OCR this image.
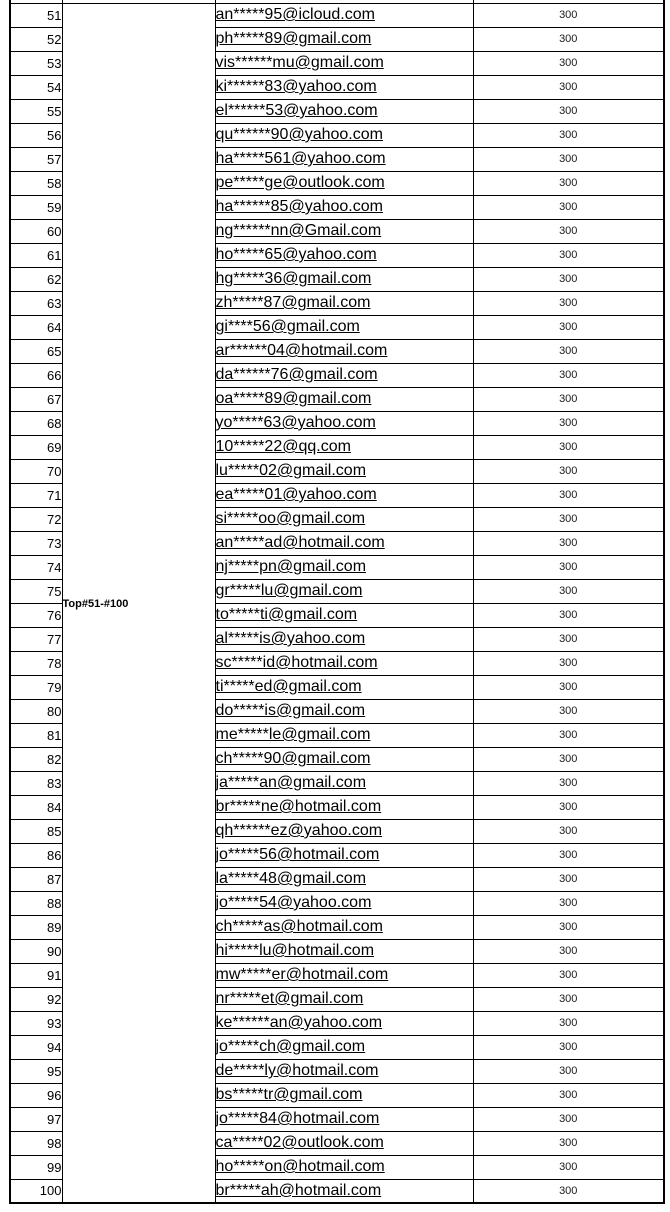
51	Top#51-#100	an*****95@icloud.com	300
52		ph*****89@gmail.com	300
53		vis******mu@gmail.com	300
54		ki******83@yahoo.com	300
55		el******53@yahoo.com	300
56		qu******90@yahoo.com	300
57		ha*****561@yahoo.com	300
58		pe*****ge@outlook.com	300
59		ha******85@yahoo.com	300
60		ng******nn@Gmail.com	300
61		ho*****65@yahoo.com	300
62		hg*****36@gmail.com	300
63		zh*****87@gmail.com	300
64		gi****56@gmail.com	300
65		ar******04@hotmail.com	300
66		da******76@gmail.com	300
67		oa*****89@gmail.com	300
68		yo*****63@yahoo.com	300
69		10*****22@qq.com	300
70		lu*****02@gmail.com	300
71		ea*****01@yahoo.com	300
72		si*****oo@gmail.com	300
73		an*****ad@hotmail.com	300
74		nj*****pn@gmail.com	300
75		gr*****lu@gmail.com	300
76		to*****ti@gmail.com	300
77		al*****is@yahoo.com	300
78		sc*****id@hotmail.com	300
79		ti*****ed@gmail.com	300
80		do*****is@gmail.com	300
81		me*****le@gmail.com	300
82		ch*****90@gmail.com	300
83		ja*****an@gmail.com	300
84		br*****ne@hotmail.com	300
85		qh******ez@yahoo.com	300
86		jo*****56@hotmail.com	300
87		la*****48@gmail.com	300
88		jo*****54@yahoo.com	300
89		ch*****as@hotmail.com	300
90		hi*****lu@hotmail.com	300
91		mw*****er@hotmail.com	300
92		nr*****et@gmail.com	300
93		ke******an@yahoo.com	300
94		jo*****ch@gmail.com	300
95		de*****ly@hotmail.com	300
96		bs*****tr@gmail.com	300
97		jo*****84@hotmail.com	300
98		ca*****02@outlook.com	300
99		ho*****on@hotmail.com	300
100		br*****ah@hotmail.com	300
